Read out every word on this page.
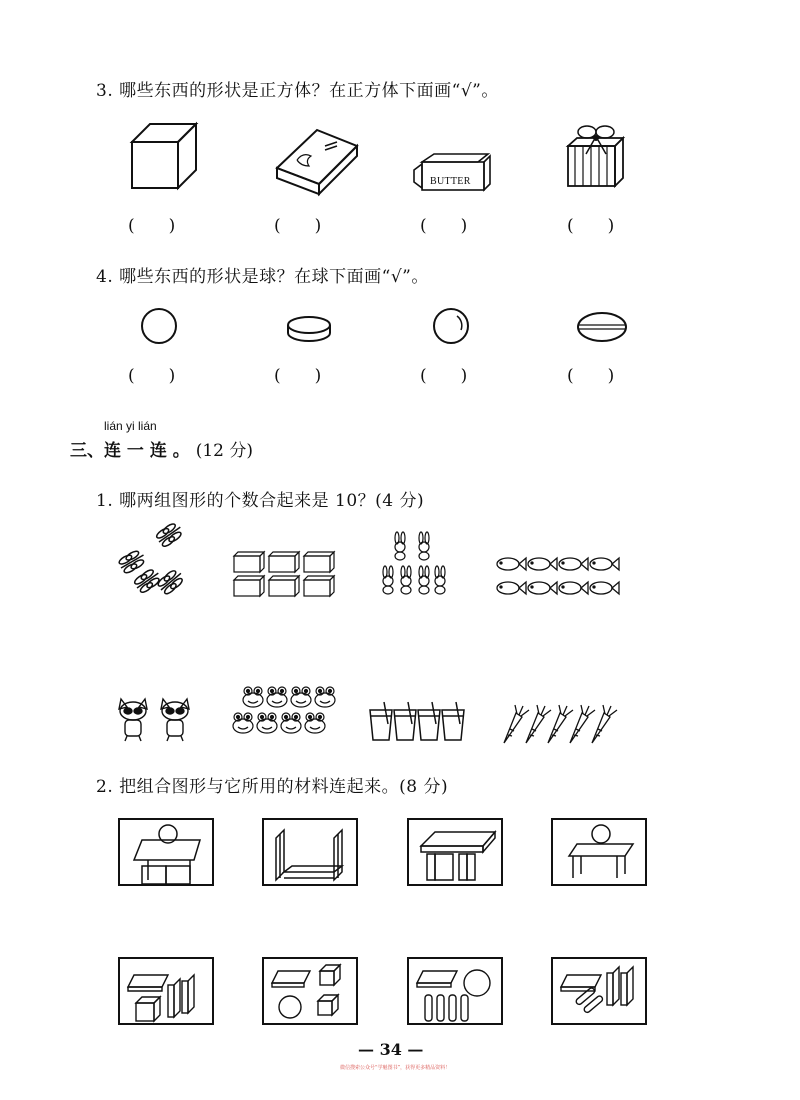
3. 哪些东西的形状是正方体？在正方体下面画“√”。
BUTTER
(　　)	(　　)	(　　)	(　　)
4. 哪些东西的形状是球？在球下面画“√”。
(　　)	(　　)	(　　)	(　　)
lián yi lián
三、连 一 连 。 (12 分)
1. 哪两组图形的个数合起来是 10？(4 分)
2. 把组合图形与它所用的材料连起来。(8 分)
— 34 —
微信搜索公众号“学魁图书”，获得更多精品资料！
